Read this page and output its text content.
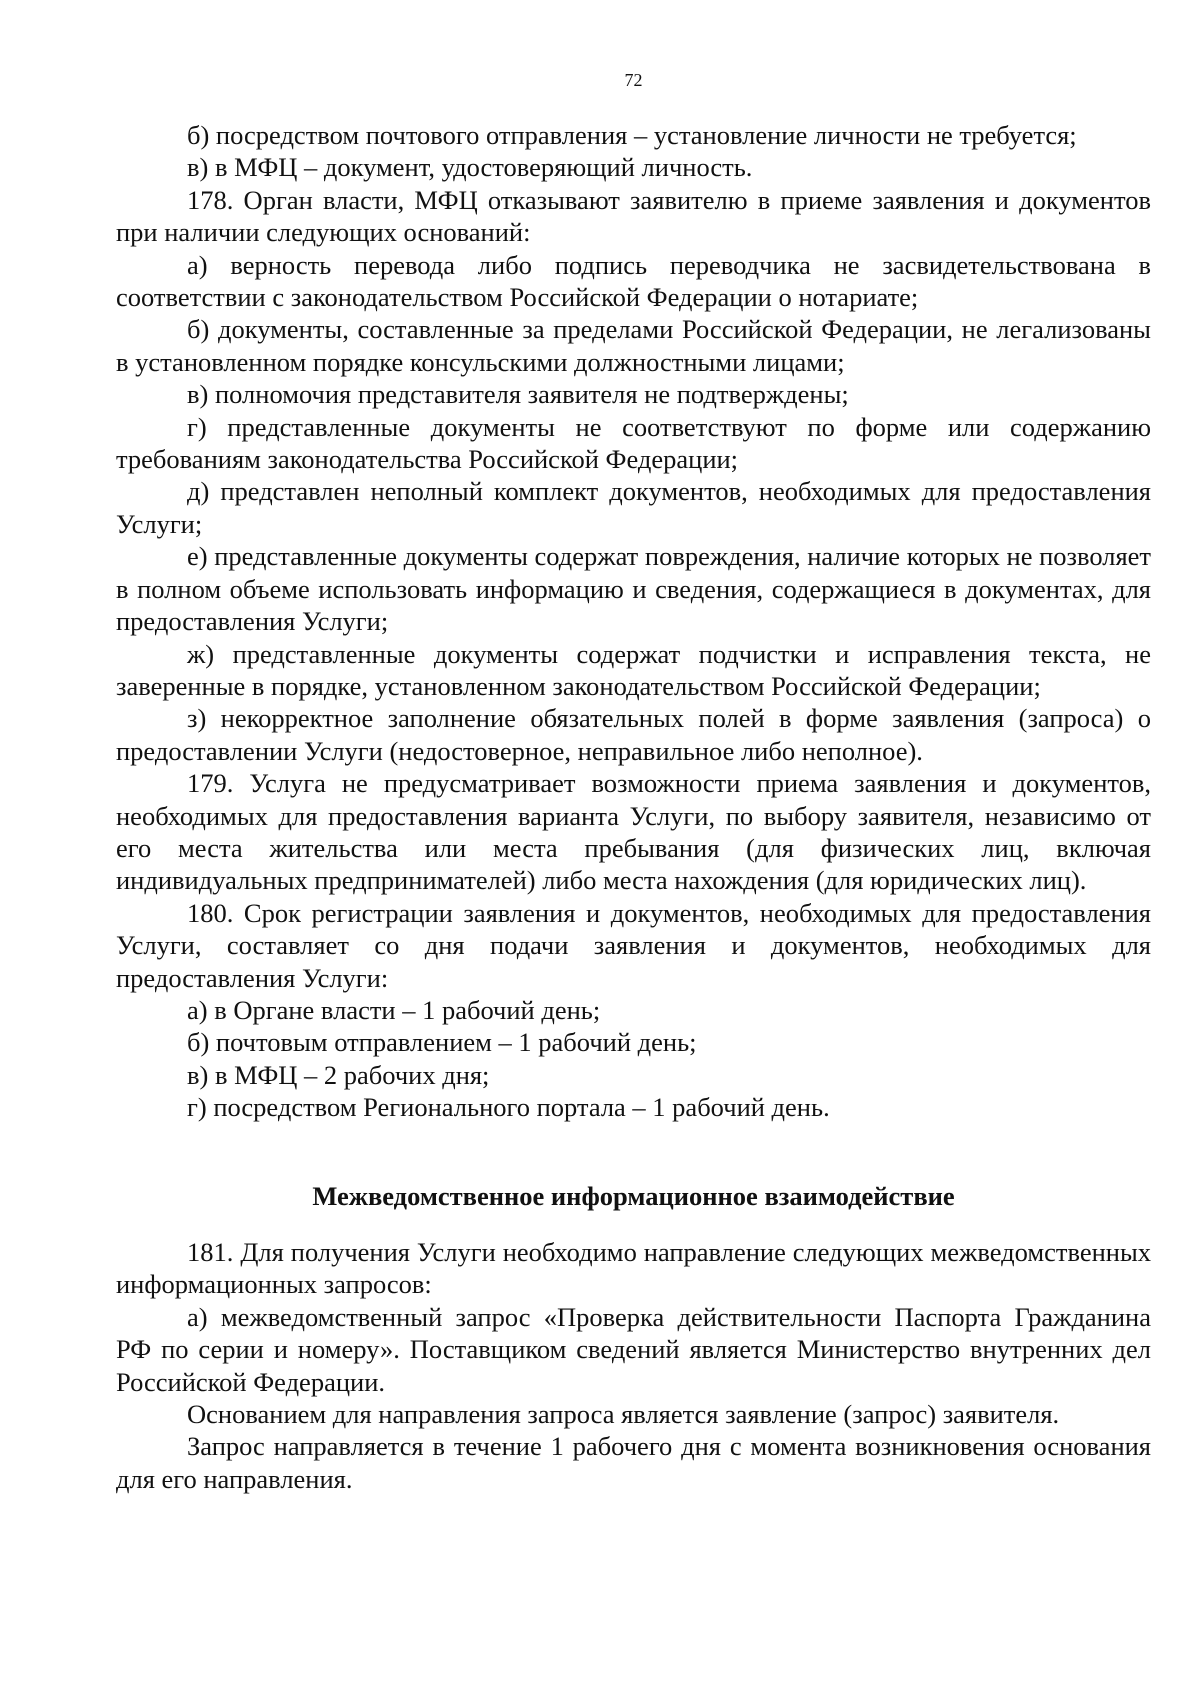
72

б) посредством почтового отправления – установление личности не требуется;

в) в МФЦ – документ, удостоверяющий личность.

178. Орган власти, МФЦ отказывают заявителю в приеме заявления и документов при наличии следующих оснований:

а) верность перевода либо подпись переводчика не засвидетельствована в соответствии с законодательством Российской Федерации о нотариате;

б) документы, составленные за пределами Российской Федерации, не легализованы в установленном порядке консульскими должностными лицами;

в) полномочия представителя заявителя не подтверждены;

г) представленные документы не соответствуют по форме или содержанию требованиям законодательства Российской Федерации;

д) представлен неполный комплект документов, необходимых для предоставления Услуги;

е) представленные документы содержат повреждения, наличие которых не позволяет в полном объеме использовать информацию и сведения, содержащиеся в документах, для предоставления Услуги;

ж) представленные документы содержат подчистки и исправления текста, не заверенные в порядке, установленном законодательством Российской Федерации;

з) некорректное заполнение обязательных полей в форме заявления (запроса) о предоставлении Услуги (недостоверное, неправильное либо неполное).

179. Услуга не предусматривает возможности приема заявления и документов, необходимых для предоставления варианта Услуги, по выбору заявителя, независимо от его места жительства или места пребывания (для физических лиц, включая индивидуальных предпринимателей) либо места нахождения (для юридических лиц).

180. Срок регистрации заявления и документов, необходимых для предоставления Услуги, составляет со дня подачи заявления и документов, необходимых для предоставления Услуги:

а) в Органе власти – 1 рабочий день;

б) почтовым отправлением – 1 рабочий день;

в) в МФЦ – 2 рабочих дня;

г) посредством Регионального портала – 1 рабочий день.

Межведомственное информационное взаимодействие

181. Для получения Услуги необходимо направление следующих межведомственных информационных запросов:

а) межведомственный запрос «Проверка действительности Паспорта Гражданина РФ по серии и номеру». Поставщиком сведений является Министерство внутренних дел Российской Федерации.

Основанием для направления запроса является заявление (запрос) заявителя.

Запрос направляется в течение 1 рабочего дня с момента возникновения основания для его направления.
